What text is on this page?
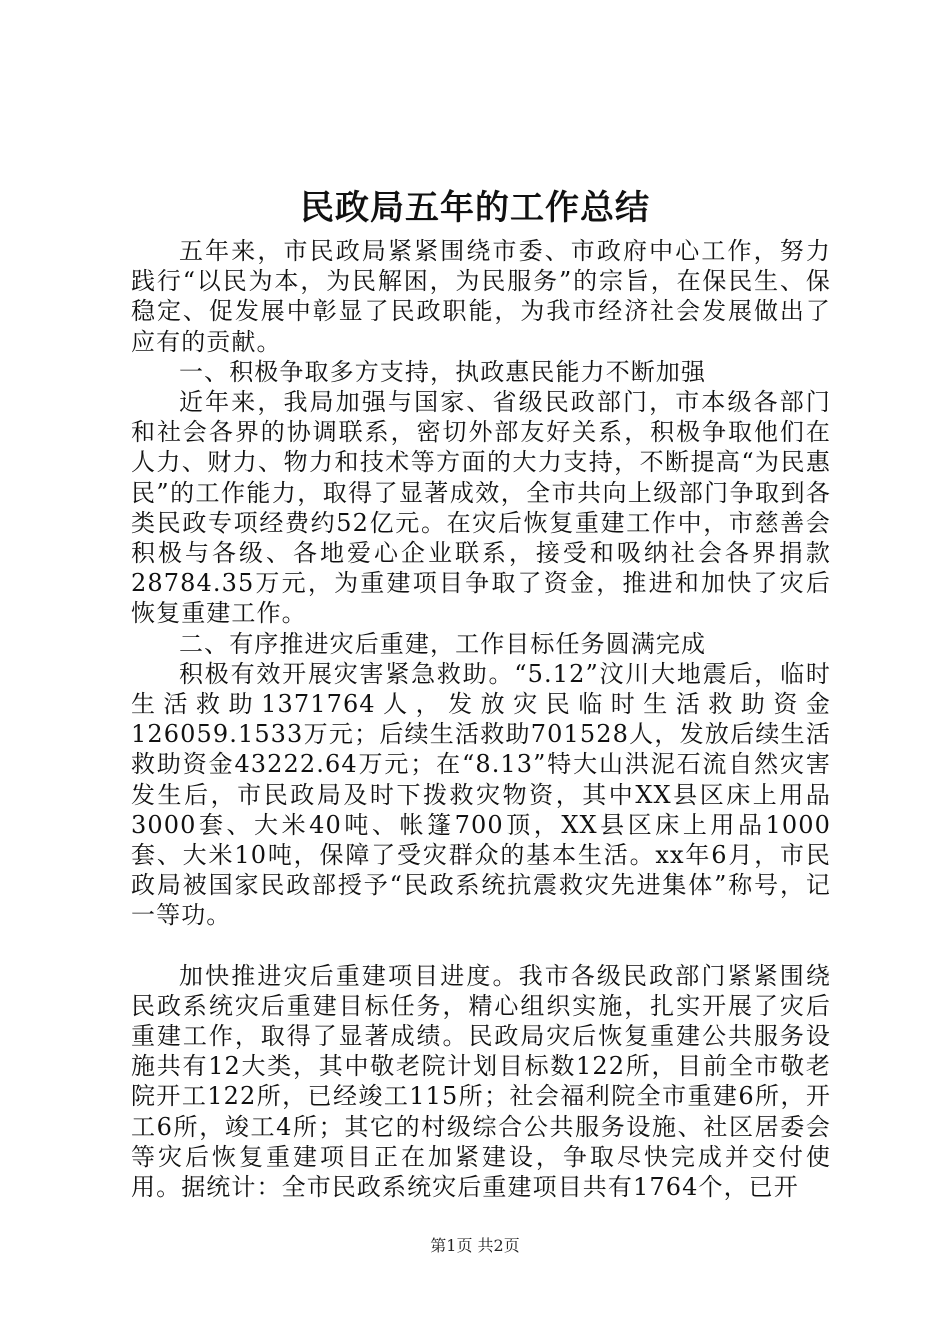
民政局五年的工作总结

五年来，市民政局紧紧围绕市委、市政府中心工作，努力践行“以民为本，为民解困，为民服务”的宗旨，在保民生、保稳定、促发展中彰显了民政职能，为我市经济社会发展做出了应有的贡献。

一、积极争取多方支持，执政惠民能力不断加强

近年来，我局加强与国家、省级民政部门，市本级各部门和社会各界的协调联系，密切外部友好关系，积极争取他们在人力、财力、物力和技术等方面的大力支持，不断提高“为民惠民”的工作能力，取得了显著成效，全市共向上级部门争取到各类民政专项经费约52亿元。在灾后恢复重建工作中，市慈善会积极与各级、各地爱心企业联系，接受和吸纳社会各界捐款28784.35万元，为重建项目争取了资金，推进和加快了灾后恢复重建工作。

二、有序推进灾后重建，工作目标任务圆满完成

积极有效开展灾害紧急救助。“5.12”汶川大地震后，临时生活救助1371764人，发放灾民临时生活救助资金126059.1533万元；后续生活救助701528人，发放后续生活救助资金43222.64万元；在“8.13”特大山洪泥石流自然灾害发生后，市民政局及时下拨救灾物资，其中XX县区床上用品3000套、大米40吨、帐篷700顶，XX县区床上用品1000套、大米10吨，保障了受灾群众的基本生活。xx年6月，市民政局被国家民政部授予“民政系统抗震救灾先进集体”称号，记一等功。

加快推进灾后重建项目进度。我市各级民政部门紧紧围绕民政系统灾后重建目标任务，精心组织实施，扎实开展了灾后重建工作，取得了显著成绩。民政局灾后恢复重建公共服务设施共有12大类，其中敬老院计划目标数122所，目前全市敬老院开工122所，已经竣工115所；社会福利院全市重建6所，开工6所，竣工4所；其它的村级综合公共服务设施、社区居委会等灾后恢复重建项目正在加紧建设，争取尽快完成并交付使用。据统计：全市民政系统灾后重建项目共有1764个，已开

第1页 共2页
